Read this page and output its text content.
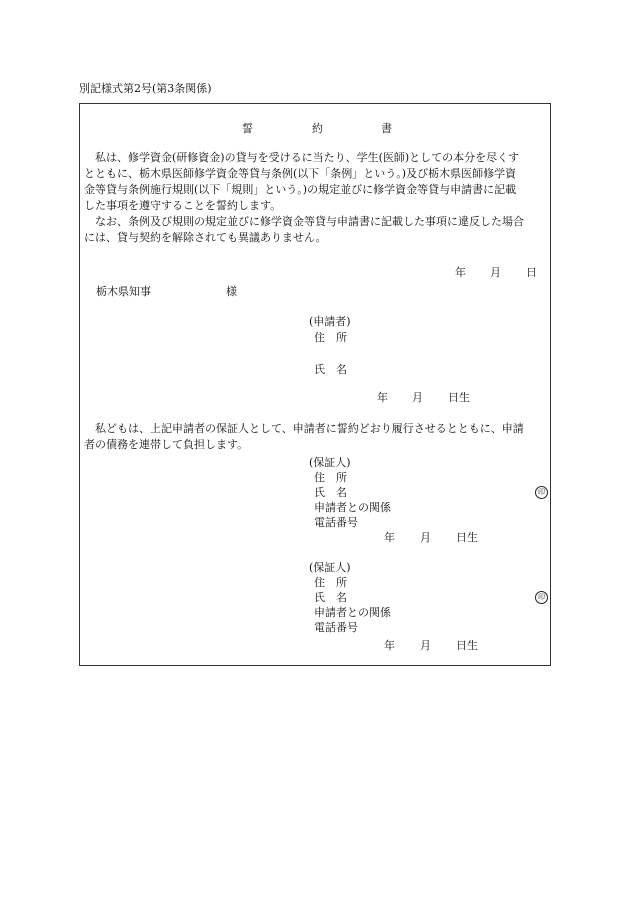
別記様式第2号(第3条関係)
誓	約	書
　私は、修学資金(研修資金)の貸与を受けるに当たり、学生(医師)としての本分を尽くす
とともに、栃木県医師修学資金等貸与条例(以下「条例」という。)及び栃木県医師修学資
金等貸与条例施行規則(以下「規則」という。)の規定並びに修学資金等貸与申請書に記載
した事項を遵守することを誓約します。
　なお、条例及び規則の規定並びに修学資金等貸与申請書に記載した事項に違反した場合
には、貸与契約を解除されても異議ありません。
年 月 日
栃木県知事	様
(申請者)
住　所
氏　名
年 月 日生
　私どもは、上記申請者の保証人として、申請者に誓約どおり履行させるとともに、申請
者の債務を連帯して負担します。
(保証人)
住　所
氏　名	印
申請者との関係
電話番号
年 月 日生
(保証人)
住　所
氏　名	印
申請者との関係
電話番号
年 月 日生
